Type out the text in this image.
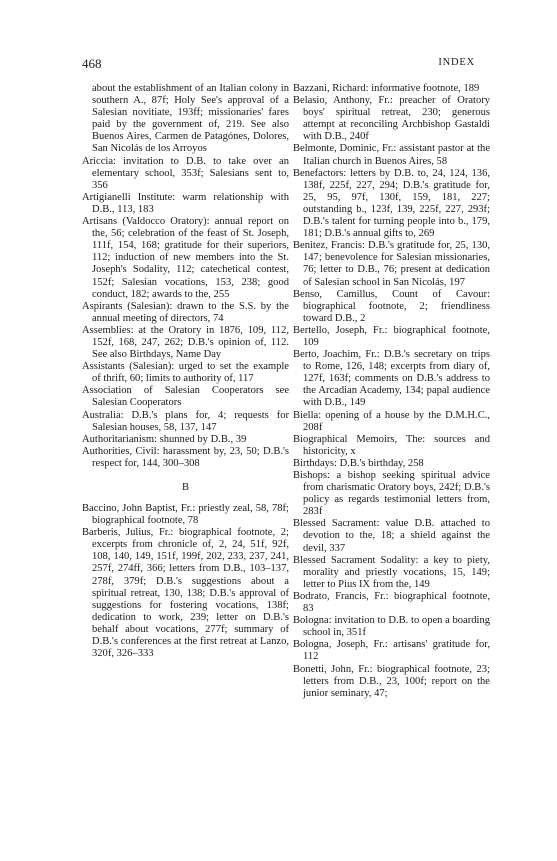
468	INDEX

about the establishment of an Italian colony in southern A., 87f; Holy See's approval of a Salesian novitiate, 193ff; missionaries' fares paid by the government of, 219. See also Buenos Aires, Carmen de Patagónes, Dolores, San Nicolás de los Arroyos

Ariccia: invitation to D.B. to take over an elementary school, 353f; Salesians sent to, 356

Artigianelli Institute: warm relationship with D.B., 113, 183

Artisans (Valdocco Oratory): annual report on the, 56; celebration of the feast of St. Joseph, 111f, 154, 168; gratitude for their superiors, 112; induction of new members into the St. Joseph's Sodality, 112; catechetical contest, 152f; Salesian vocations, 153, 238; good conduct, 182; awards to the, 255

Aspirants (Salesian): drawn to the S.S. by the annual meeting of directors, 74

Assemblies: at the Oratory in 1876, 109, 112, 152f, 168, 247, 262; D.B.'s opinion of, 112. See also Birthdays, Name Day

Assistants (Salesian): urged to set the example of thrift, 60; limits to authority of, 117

Association of Salesian Cooperators see Salesian Cooperators

Australia: D.B.'s plans for, 4; requests for Salesian houses, 58, 137, 147

Authoritarianism: shunned by D.B., 39

Authorities, Civil: harassment by, 23, 50; D.B.'s respect for, 144, 300–308

B

Baccino, John Baptist, Fr.: priestly zeal, 58, 78f; biographical footnote, 78

Barberis, Julius, Fr.: biographical footnote, 2; excerpts from chronicle of, 2, 24, 51f, 92f, 108, 140, 149, 151f, 199f, 202, 233, 237, 241, 257f, 274ff, 366; letters from D.B., 103–137, 278f, 379f; D.B.'s suggestions about a spiritual retreat, 130, 138; D.B.'s approval of suggestions for fostering vocations, 138f; dedication to work, 239; letter on D.B.'s behalf about vocations, 277f; summary of D.B.'s conferences at the first retreat at Lanzo, 320f, 326–333

Bazzani, Richard: informative footnote, 189

Belasio, Anthony, Fr.: preacher of Oratory boys' spiritual retreat, 230; generous attempt at reconciling Archbishop Gastaldi with D.B., 240f

Belmonte, Dominic, Fr.: assistant pastor at the Italian church in Buenos Aires, 58

Benefactors: letters by D.B. to, 24, 124, 136, 138f, 225f, 227, 294; D.B.'s gratitude for, 25, 95, 97f, 130f, 159, 181, 227; outstanding b., 123f, 139, 225f, 227, 293f; D.B.'s talent for turning people into b., 179, 181; D.B.'s annual gifts to, 269

Benitez, Francis: D.B.'s gratitude for, 25, 130, 147; benevolence for Salesian missionaries, 76; letter to D.B., 76; present at dedication of Salesian school in San Nicolás, 197

Benso, Camillus, Count of Cavour: biographical footnote, 2; friendliness toward D.B., 2

Bertello, Joseph, Fr.: biographical footnote, 109

Berto, Joachim, Fr.: D.B.'s secretary on trips to Rome, 126, 148; excerpts from diary of, 127f, 163f; comments on D.B.'s address to the Arcadian Academy, 134; papal audience with D.B., 149

Biella: opening of a house by the D.M.H.C., 208f

Biographical Memoirs, The: sources and historicity, x

Birthdays: D.B.'s birthday, 258

Bishops: a bishop seeking spiritual advice from charismatic Oratory boys, 242f; D.B.'s policy as regards testimonial letters from, 283f

Blessed Sacrament: value D.B. attached to devotion to the, 18; a shield against the devil, 337

Blessed Sacrament Sodality: a key to piety, morality and priestly vocations, 15, 149; letter to Pius IX from the, 149

Bodrato, Francis, Fr.: biographical footnote, 83

Bologna: invitation to D.B. to open a boarding school in, 351f

Bologna, Joseph, Fr.: artisans' gratitude for, 112

Bonetti, John, Fr.: biographical footnote, 23; letters from D.B., 23, 100f; report on the junior seminary, 47;
